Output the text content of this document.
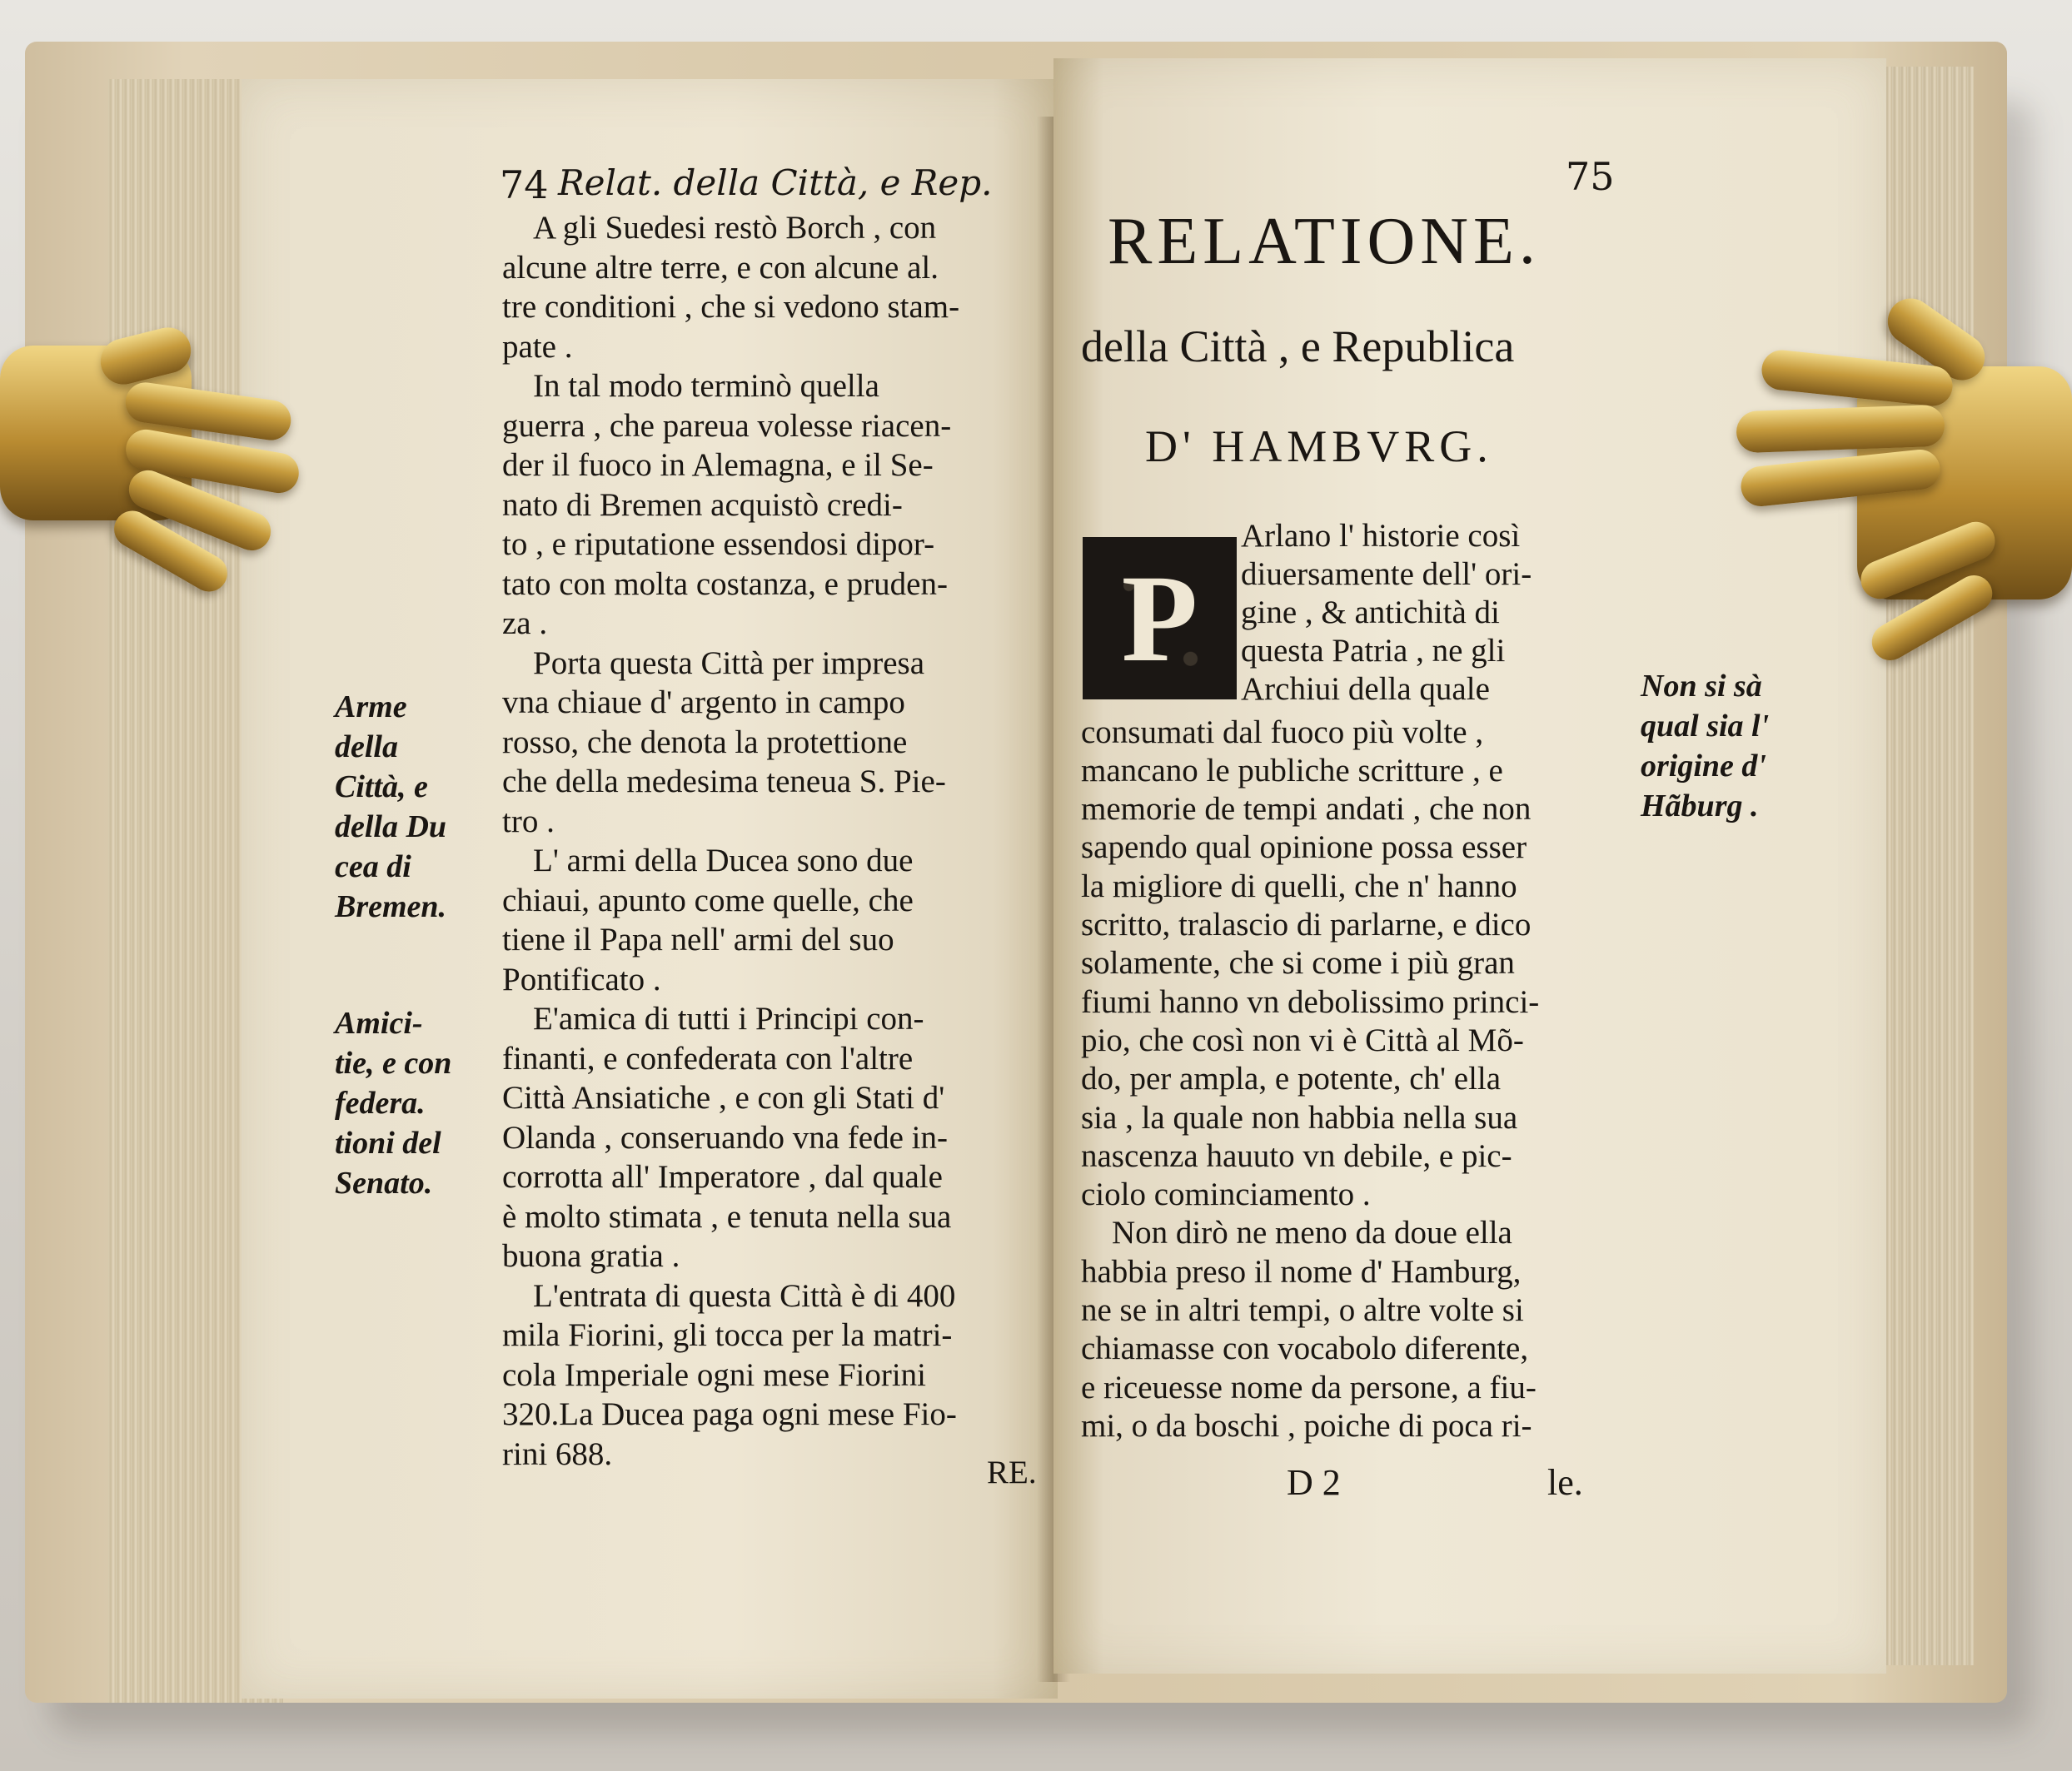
74 Relat. della Città, e Rep.
A gli Suedesi restò Borch , con
alcune altre terre, e con alcune al.
tre conditioni , che si vedono stam-
pate .
In tal modo terminò quella
guerra , che pareua volesse riacen-
der il fuoco in Alemagna, e il Se-
nato di Bremen acquistò credi-
to , e riputatione essendosi dipor-
tato con molta costanza, e pruden-
za .
Porta questa Città per impresa
vna chiaue d' argento in campo
rosso, che denota la protettione
che della medesima teneua S. Pie-
tro .
L' armi della Ducea sono due
chiaui, apunto come quelle, che
tiene il Papa nell' armi del suo
Pontificato .
E'amica di tutti i Principi con-
finanti, e confederata con l'altre
Città Ansiatiche , e con gli Stati d'
Olanda , conseruando vna fede in-
corrotta all' Imperatore , dal quale
è molto stimata , e tenuta nella sua
buona gratia .
L'entrata di questa Città è di 400
mila Fiorini, gli tocca per la matri-
cola Imperiale ogni mese Fiorini
320.La Ducea paga ogni mese Fio-
rini 688.
RE.
Arme
della
Città, e
della Du
cea di
Bremen.
Amici-
tie, e con
federa.
tioni del
Senato.
75
RELATIONE.
della Città , e Republica
D' HAMBVRG.
P
Arlano l' historie così
diuersamente dell' ori-
gine , & antichità di
questa Patria , ne gli
Archiui della quale
consumati dal fuoco più volte ,
mancano le publiche scritture , e
memorie de tempi andati , che non
sapendo qual opinione possa esser
la migliore di quelli, che n' hanno
scritto, tralascio di parlarne, e dico
solamente, che si come i più gran
fiumi hanno vn debolissimo princi-
pio, che così non vi è Città al Mõ-
do, per ampla, e potente, ch' ella
sia , la quale non habbia nella sua
nascenza hauuto vn debile, e pic-
ciolo cominciamento .
Non dirò ne meno da doue ella
habbia preso il nome d' Hamburg,
ne se in altri tempi, o altre volte si
chiamasse con vocabolo diferente,
e riceuesse nome da persone, a fiu-
mi, o da boschi , poiche di poca ri-
D 2	le.
Non si sà
qual sia l'
origine d'
Hãburg .
